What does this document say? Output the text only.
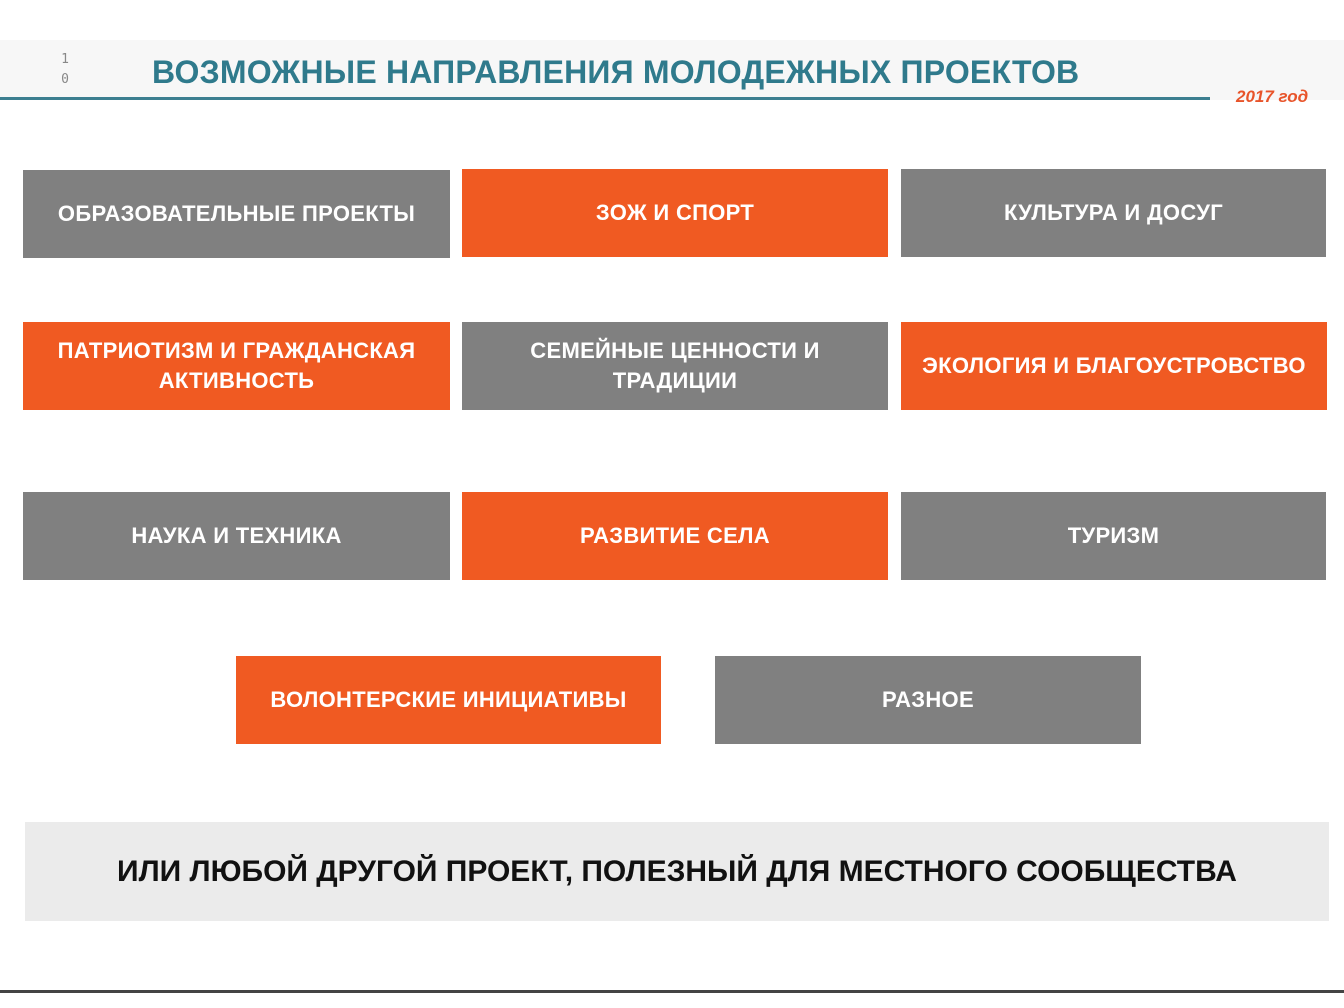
1
0	ВОЗМОЖНЫЕ НАПРАВЛЕНИЯ МОЛОДЕЖНЫХ ПРОЕКТОВ
2017 год
ОБРАЗОВАТЕЛЬНЫЕ ПРОЕКТЫ	ЗОЖ И СПОРТ	КУЛЬТУРА И ДОСУГ
ПАТРИОТИЗМ И ГРАЖДАНСКАЯ АКТИВНОСТЬ
СЕМЕЙНЫЕ ЦЕННОСТИ И ТРАДИЦИИ
ЭКОЛОГИЯ И БЛАГОУСТРОВСТВО
НАУКА И ТЕХНИКА	РАЗВИТИЕ СЕЛА	ТУРИЗМ
ВОЛОНТЕРСКИЕ ИНИЦИАТИВЫ	РАЗНОЕ
ИЛИ ЛЮБОЙ ДРУГОЙ ПРОЕКТ, ПОЛЕЗНЫЙ ДЛЯ МЕСТНОГО СООБЩЕСТВА
